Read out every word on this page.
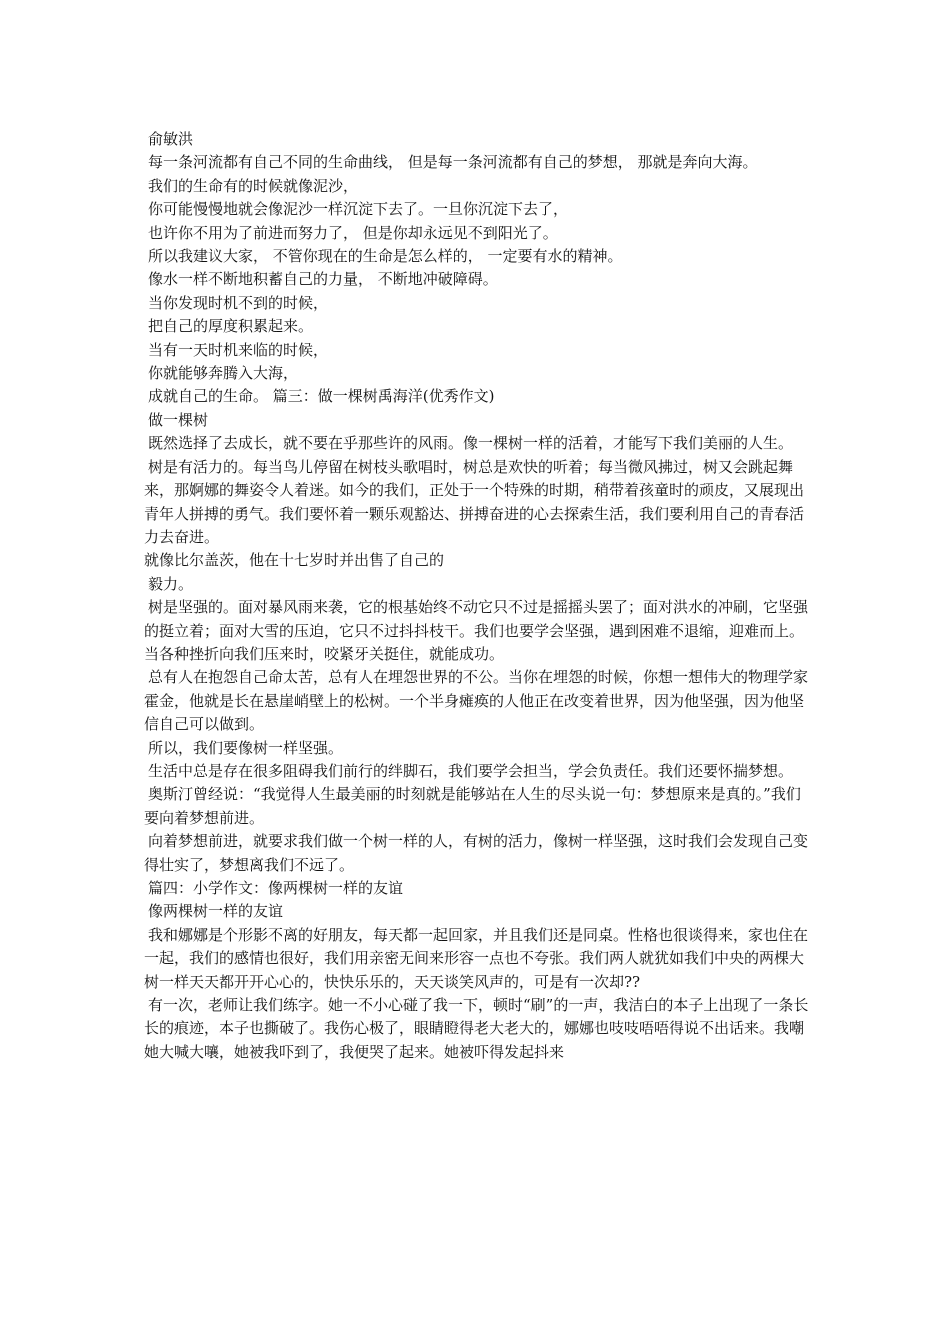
俞敏洪

每一条河流都有自己不同的生命曲线， 但是每一条河流都有自己的梦想， 那就是奔向大海。

我们的生命有的时候就像泥沙，

你可能慢慢地就会像泥沙一样沉淀下去了。一旦你沉淀下去了，

也许你不用为了前进而努力了， 但是你却永远见不到阳光了。

所以我建议大家， 不管你现在的生命是怎么样的， 一定要有水的精神。

像水一样不断地积蓄自己的力量， 不断地冲破障碍。

当你发现时机不到的时候，

把自己的厚度积累起来。

当有一天时机来临的时候，

你就能够奔腾入大海，

成就自己的生命。 篇三：做一棵树禹海洋(优秀作文)

做一棵树

既然选择了去成长，就不要在乎那些许的风雨。像一棵树一样的活着，才能写下我们美丽的人生。

树是有活力的。每当鸟儿停留在树枝头歌唱时，树总是欢快的听着；每当微风拂过，树又会跳起舞来，那婀娜的舞姿令人着迷。如今的我们，正处于一个特殊的时期，稍带着孩童时的顽皮，又展现出青年人拼搏的勇气。我们要怀着一颗乐观豁达、拼搏奋进的心去探索生活，我们要利用自己的青春活力去奋进。

就像比尔盖茨，他在十七岁时并出售了自己的

毅力。

树是坚强的。面对暴风雨来袭，它的根基始终不动它只不过是摇摇头罢了；面对洪水的冲刷，它坚强的挺立着；面对大雪的压迫，它只不过抖抖枝干。我们也要学会坚强，遇到困难不退缩，迎难而上。当各种挫折向我们压来时，咬紧牙关挺住，就能成功。

总有人在抱怨自己命太苦，总有人在埋怨世界的不公。当你在埋怨的时候，你想一想伟大的物理学家霍金，他就是长在悬崖峭壁上的松树。一个半身瘫痪的人他正在改变着世界，因为他坚强，因为他坚信自己可以做到。

所以，我们要像树一样坚强。

生活中总是存在很多阻碍我们前行的绊脚石，我们要学会担当，学会负责任。我们还要怀揣梦想。

奥斯汀曾经说：“我觉得人生最美丽的时刻就是能够站在人生的尽头说一句：梦想原来是真的。”我们要向着梦想前进。

向着梦想前进，就要求我们做一个树一样的人，有树的活力，像树一样坚强，这时我们会发现自己变得壮实了，梦想离我们不远了。

篇四：小学作文：像两棵树一样的友谊

像两棵树一样的友谊

我和娜娜是个形影不离的好朋友，每天都一起回家，并且我们还是同桌。性格也很谈得来，家也住在一起，我们的感情也很好，我们用亲密无间来形容一点也不夸张。我们两人就犹如我们中央的两棵大树一样天天都开开心心的，快快乐乐的，天天谈笑风声的，可是有一次却??

有一次，老师让我们练字。她一不小心碰了我一下，顿时“刷”的一声，我洁白的本子上出现了一条长长的痕迹，本子也撕破了。我伤心极了，眼睛瞪得老大老大的，娜娜也吱吱唔唔得说不出话来。我嘲她大喊大嚷，她被我吓到了，我便哭了起来。她被吓得发起抖来
